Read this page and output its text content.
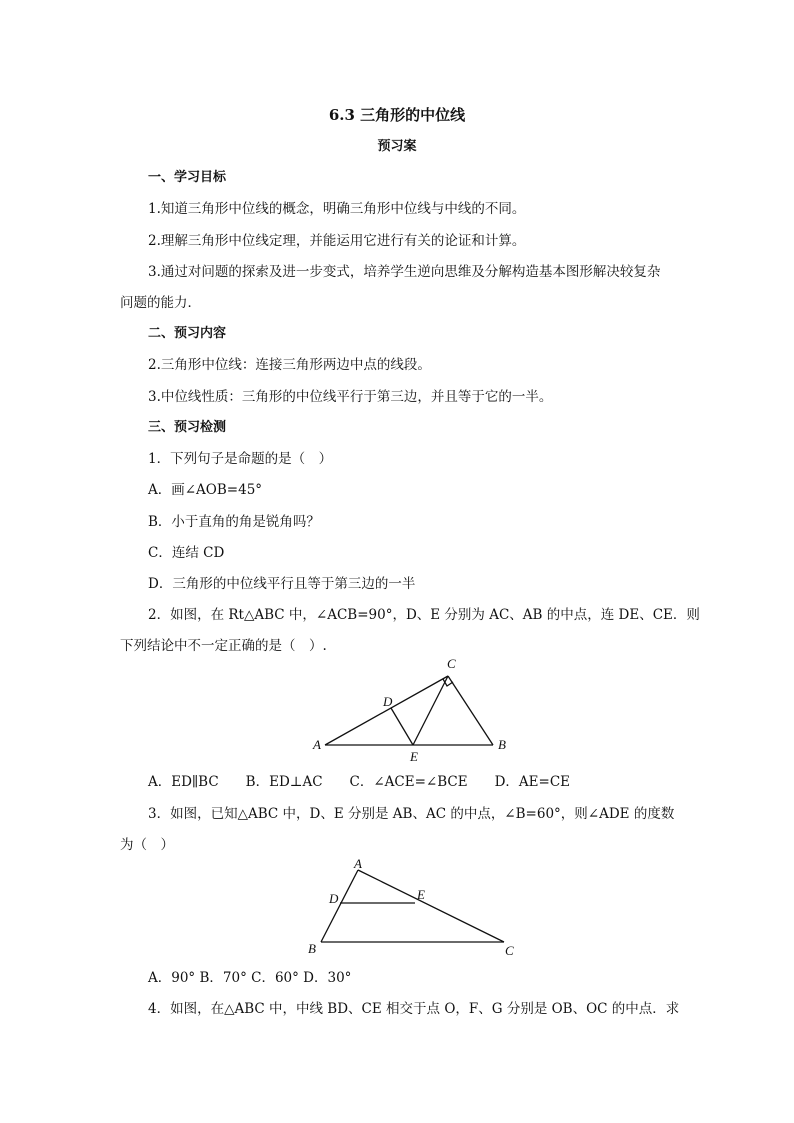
6.3 三角形的中位线
预习案
一、学习目标
1.知道三角形中位线的概念，明确三角形中位线与中线的不同。
2.理解三角形中位线定理，并能运用它进行有关的论证和计算。
3.通过对问题的探索及进一步变式，培养学生逆向思维及分解构造基本图形解决较复杂
问题的能力．
二、预习内容
2.三角形中位线：连接三角形两边中点的线段。
3.中位线性质：三角形的中位线平行于第三边，并且等于它的一半。
三、预习检测
1．下列句子是命题的是（　）
A．画∠AOB=45°
B．小于直角的角是锐角吗？
C．连结 CD
D．三角形的中位线平行且等于第三边的一半
2．如图，在 Rt△ABC 中，∠ACB=90°，D、E 分别为 AC、AB 的中点，连 DE、CE．则
下列结论中不一定正确的是（　）.
C
D
A
E
B
A．ED∥BC　　B．ED⊥AC　　C．∠ACE=∠BCE　　D．AE=CE
3．如图，已知△ABC 中，D、E 分别是 AB、AC 的中点，∠B=60°，则∠ADE 的度数
为（　）
A
D	E
B	C
A．90° B．70° C．60° D．30°
4．如图，在△ABC 中，中线 BD、CE 相交于点 O，F、G 分别是 OB、OC 的中点．求
